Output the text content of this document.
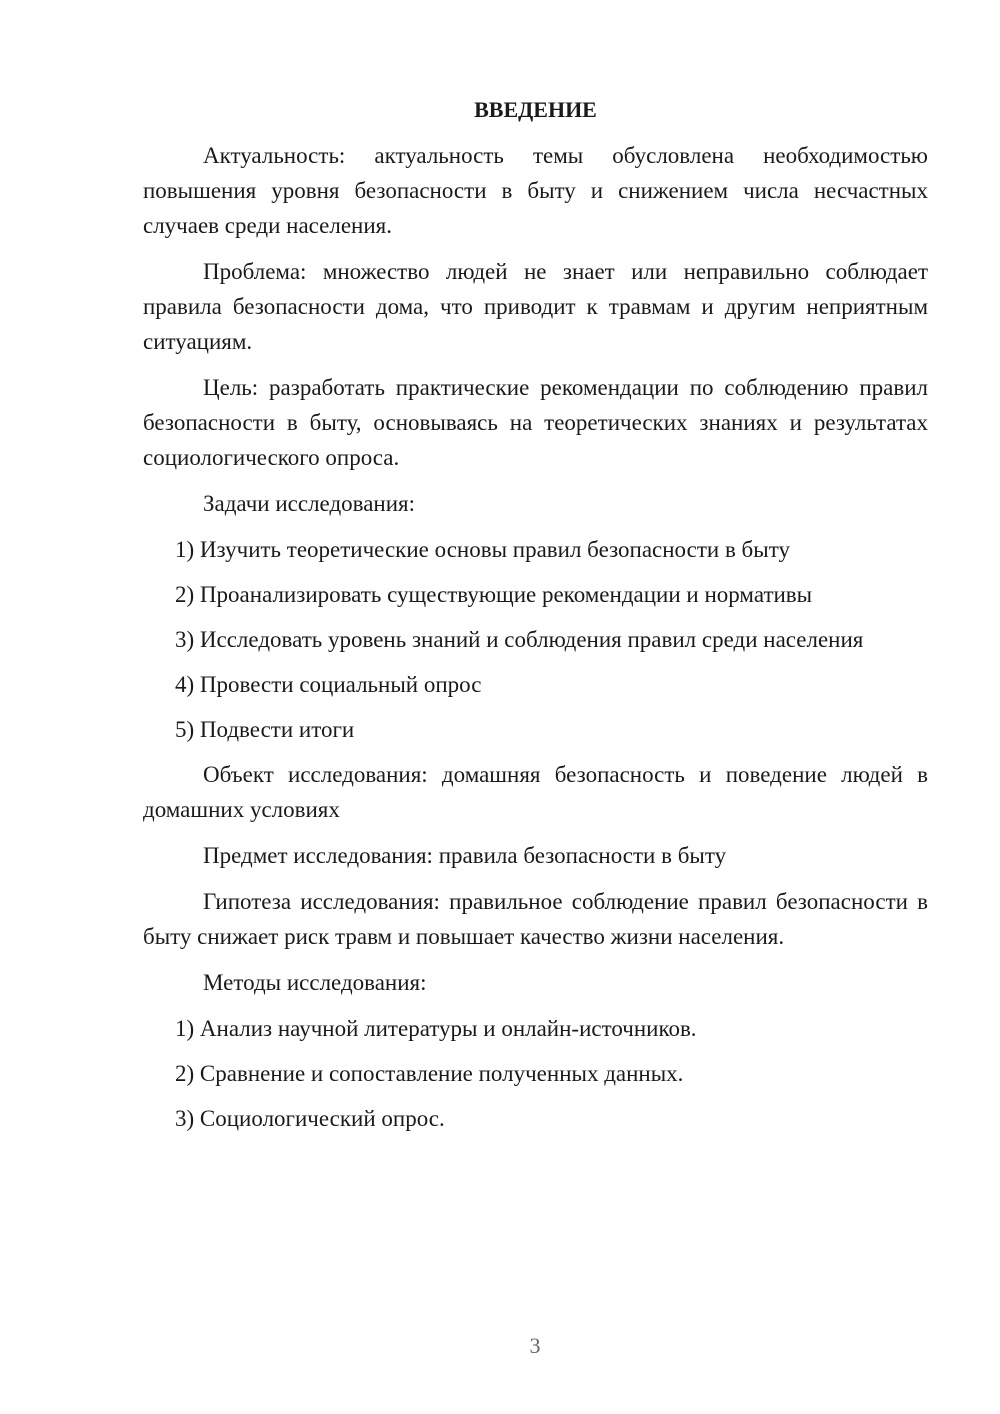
ВВЕДЕНИЕ

Актуальность: актуальность темы обусловлена необходимостью повышения уровня безопасности в быту и снижением числа несчастных случаев среди населения.

Проблема: множество людей не знает или неправильно соблюдает правила безопасности дома, что приводит к травмам и другим неприятным ситуациям.

Цель: разработать практические рекомендации по соблюдению правил безопасности в быту, основываясь на теоретических знаниях и результатах социологического опроса.

Задачи исследования:

1) Изучить теоретические основы правил безопасности в быту

2) Проанализировать существующие рекомендации и нормативы

3) Исследовать уровень знаний и соблюдения правил среди населения

4) Провести социальный опрос

5) Подвести итоги

Объект исследования: домашняя безопасность и поведение людей в домашних условиях

Предмет исследования: правила безопасности в быту

Гипотеза исследования: правильное соблюдение правил безопасности в быту снижает риск травм и повышает качество жизни населения.

Методы исследования:

1) Анализ научной литературы и онлайн-источников.

2) Сравнение и сопоставление полученных данных.

3) Социологический опрос.

3
